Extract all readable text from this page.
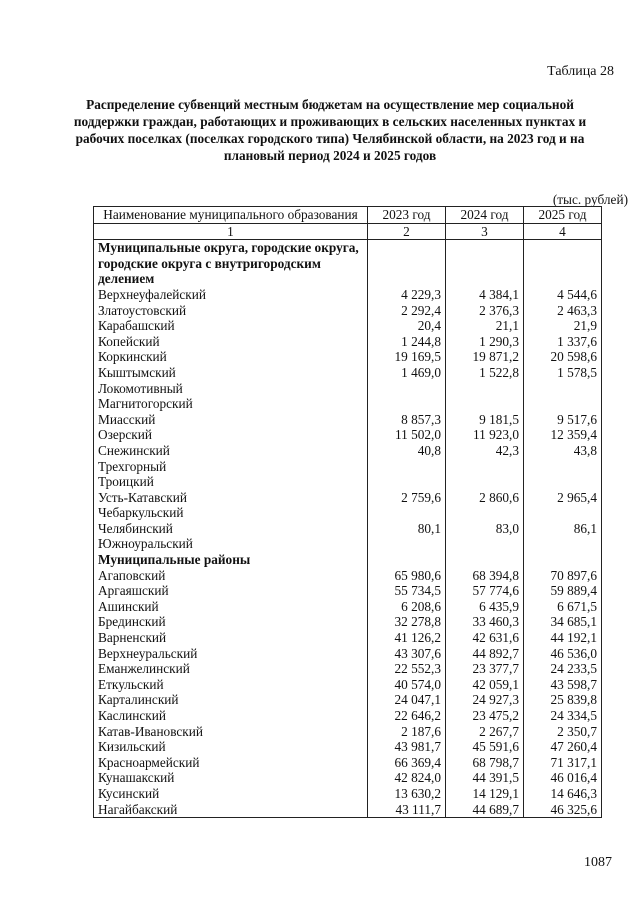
Таблица 28
Распределение субвенций местным бюджетам на осуществление мер социальной поддержки граждан, работающих и проживающих в сельских населенных пунктах и рабочих поселках (поселках городского типа) Челябинской области, на 2023 год и на плановый период 2024 и 2025 годов
(тыс. рублей)
Наименование муниципального образования	2023 год	2024 год	2025 год
1	2	3	4
Муниципальные округа, городские округа, городские округа с внутригородским делением			
Верхнеуфалейский	4 229,3	4 384,1	4 544,6
Златоустовский	2 292,4	2 376,3	2 463,3
Карабашский	20,4	21,1	21,9
Копейский	1 244,8	1 290,3	1 337,6
Коркинский	19 169,5	19 871,2	20 598,6
Кыштымский	1 469,0	1 522,8	1 578,5
Локомотивный			
Магнитогорский			
Миасский	8 857,3	9 181,5	9 517,6
Озерский	11 502,0	11 923,0	12 359,4
Снежинский	40,8	42,3	43,8
Трехгорный			
Троицкий			
Усть-Катавский	2 759,6	2 860,6	2 965,4
Чебаркульский			
Челябинский	80,1	83,0	86,1
Южноуральский			
Муниципальные районы			
Агаповский	65 980,6	68 394,8	70 897,6
Аргаяшский	55 734,5	57 774,6	59 889,4
Ашинский	6 208,6	6 435,9	6 671,5
Брединский	32 278,8	33 460,3	34 685,1
Варненский	41 126,2	42 631,6	44 192,1
Верхнеуральский	43 307,6	44 892,7	46 536,0
Еманжелинский	22 552,3	23 377,7	24 233,5
Еткульский	40 574,0	42 059,1	43 598,7
Карталинский	24 047,1	24 927,3	25 839,8
Каслинский	22 646,2	23 475,2	24 334,5
Катав-Ивановский	2 187,6	2 267,7	2 350,7
Кизильский	43 981,7	45 591,6	47 260,4
Красноармейский	66 369,4	68 798,7	71 317,1
Кунашакский	42 824,0	44 391,5	46 016,4
Кусинский	13 630,2	14 129,1	14 646,3
Нагайбакский	43 111,7	44 689,7	46 325,6
1087
